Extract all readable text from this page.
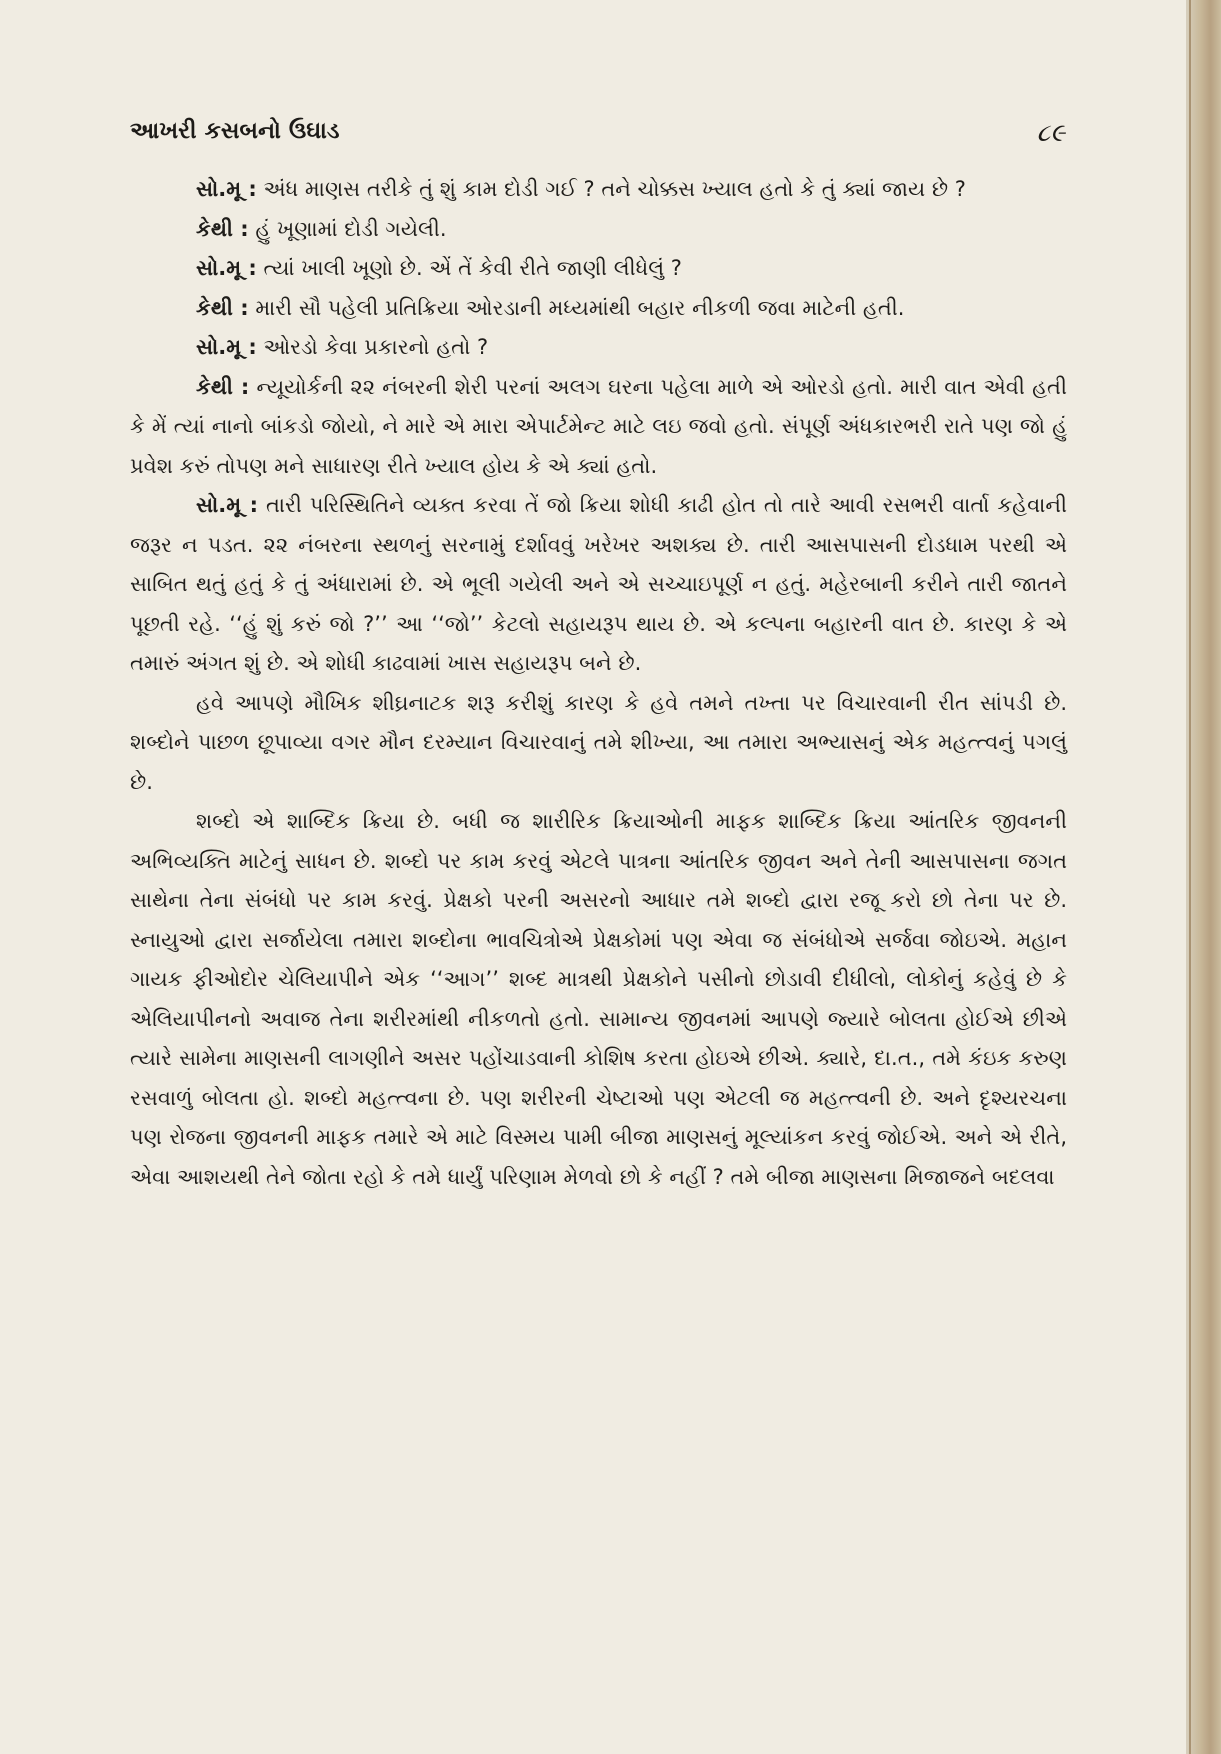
આખરી કસબનો ઉઘાડ	૮૯

સો.મૂ : અંધ માણસ તરીકે તું શું કામ દોડી ગઈ ? તને ચોક્કસ ખ્યાલ હતો કે તું ક્યાં જાય છે ?

કેથી : હું ખૂણામાં દોડી ગયેલી.

સો.મૂ : ત્યાં ખાલી ખૂણો છે. એં તેં કેવી રીતે જાણી લીધેલું ?

કેથી : મારી સૌ પહેલી પ્રતિક્રિયા ઓરડાની મધ્યમાંથી બહાર નીકળી જવા માટેની હતી.

સો.મૂ : ઓરડો કેવા પ્રકારનો હતો ?

કેથી : ન્યૂયોર્કની ૨૨ નંબરની શેરી પરનાં અલગ ઘરના પહેલા માળે એ ઓરડો હતો. મારી વાત એવી હતી કે મેં ત્યાં નાનો બાંકડો જોયો, ને મારે એ મારા એપાર્ટમેન્ટ માટે લઇ જવો હતો. સંપૂર્ણ અંધકારભરી રાતે પણ જો હું પ્રવેશ કરું તોપણ મને સાધારણ રીતે ખ્યાલ હોય કે એ ક્યાં હતો.

સો.મૂ : તારી પરિસ્થિતિને વ્યક્ત કરવા તેં જો ક્રિયા શોધી કાઢી હોત તો તારે આવી રસભરી વાર્તા કહેવાની જરૂર ન પડત. ૨૨ નંબરના સ્થળનું સરનામું દર્શાવવું ખરેખર અશક્ય છે. તારી આસપાસની દોડધામ પરથી એ સાબિત થતું હતું કે તું અંધારામાં છે. એ ભૂલી ગયેલી અને એ સચ્ચાઇપૂર્ણ ન હતું. મહેરબાની કરીને તારી જાતને પૂછતી રહે. ‘‘હું શું કરું જો ?’’ આ ‘‘જો’’ કેટલો સહાયરૂપ થાય છે. એ કલ્પના બહારની વાત છે. કારણ કે એ તમારું અંગત શું છે. એ શોધી કાઢવામાં ખાસ સહાયરૂપ બને છે.

હવે આપણે મૌખિક શીઘ્રનાટક શરૂ કરીશું કારણ કે હવે તમને તખ્તા પર વિચારવાની રીત સાંપડી છે. શબ્દોને પાછળ છૂપાવ્યા વગર મૌન દરમ્યાન વિચારવાનું તમે શીખ્યા, આ તમારા અભ્યાસનું એક મહત્ત્વનું પગલું છે.

શબ્દો એ શાબ્દિક ક્રિયા છે. બધી જ શારીરિક ક્રિયાઓની માફક શાબ્દિક ક્રિયા આંતરિક જીવનની અભિવ્યક્તિ માટેનું સાધન છે. શબ્દો પર કામ કરવું એટલે પાત્રના આંતરિક જીવન અને તેની આસપાસના જગત સાથેના તેના સંબંધો પર કામ કરવું. પ્રેક્ષકો પરની અસરનો આધાર તમે શબ્દો દ્વારા રજૂ કરો છો તેના પર છે. સ્નાયુઓ દ્વારા સર્જાયેલા તમારા શબ્દોના ભાવચિત્રોએ પ્રેક્ષકોમાં પણ એવા જ સંબંધોએ સર્જવા જોઇએ. મહાન ગાયક ફીઓદોર ચેલિયાપીને એક ‘‘આગ’’ શબ્દ માત્રથી પ્રેક્ષકોને પસીનો છોડાવી દીધીલો, લોકોનું કહેવું છે કે એલિયાપીનનો અવાજ તેના શરીરમાંથી નીકળતો હતો. સામાન્ય જીવનમાં આપણે જ્યારે બોલતા હોઈએ છીએ ત્યારે સામેના માણસની લાગણીને અસર પહોંચાડવાની કોશિષ કરતા હોઇએ છીએ. ક્યારે, દા.ત., તમે કંઇક કરુણ રસવાળું બોલતા હો. શબ્દો મહત્ત્વના છે. પણ શરીરની ચેષ્ટાઓ પણ એટલી જ મહત્ત્વની છે. અને દૃશ્યરચના પણ રોજના જીવનની માફક તમારે એ માટે વિસ્મય પામી બીજા માણસનું મૂલ્યાંકન કરવું જોઈએ. અને એ રીતે, એવા આશયથી તેને જોતા રહો કે તમે ધાર્યું પરિણામ મેળવો છો કે નહીં ? તમે બીજા માણસના મિજાજને બદલવા
